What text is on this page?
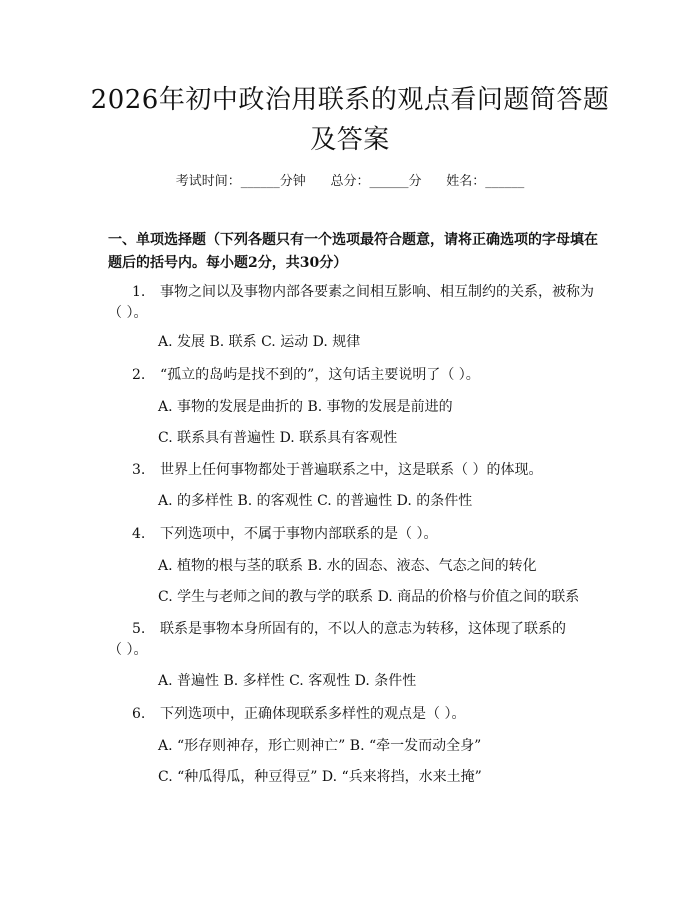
2026年初中政治用联系的观点看问题简答题
及答案
考试时间：______分钟      总分：______分      姓名：______
一、单项选择题（下列各题只有一个选项最符合题意，请将正确选项的字母填在题后的括号内。每小题2分，共30分）
1. 事物之间以及事物内部各要素之间相互影响、相互制约的关系，被称为
（ ）。
A. 发展 B. 联系 C. 运动 D. 规律
2. “孤立的岛屿是找不到的”，这句话主要说明了（ ）。
A. 事物的发展是曲折的 B. 事物的发展是前进的
C. 联系具有普遍性 D. 联系具有客观性
3. 世界上任何事物都处于普遍联系之中，这是联系（ ）的体现。
A. 的多样性 B. 的客观性 C. 的普遍性 D. 的条件性
4. 下列选项中，不属于事物内部联系的是（ ）。
A. 植物的根与茎的联系 B. 水的固态、液态、气态之间的转化
C. 学生与老师之间的教与学的联系 D. 商品的价格与价值之间的联系
5. 联系是事物本身所固有的，不以人的意志为转移，这体现了联系的
（ ）。
A. 普遍性 B. 多样性 C. 客观性 D. 条件性
6. 下列选项中，正确体现联系多样性的观点是（ ）。
A. “形存则神存，形亡则神亡” B. “牵一发而动全身”
C. “种瓜得瓜，种豆得豆” D. “兵来将挡，水来土掩”
